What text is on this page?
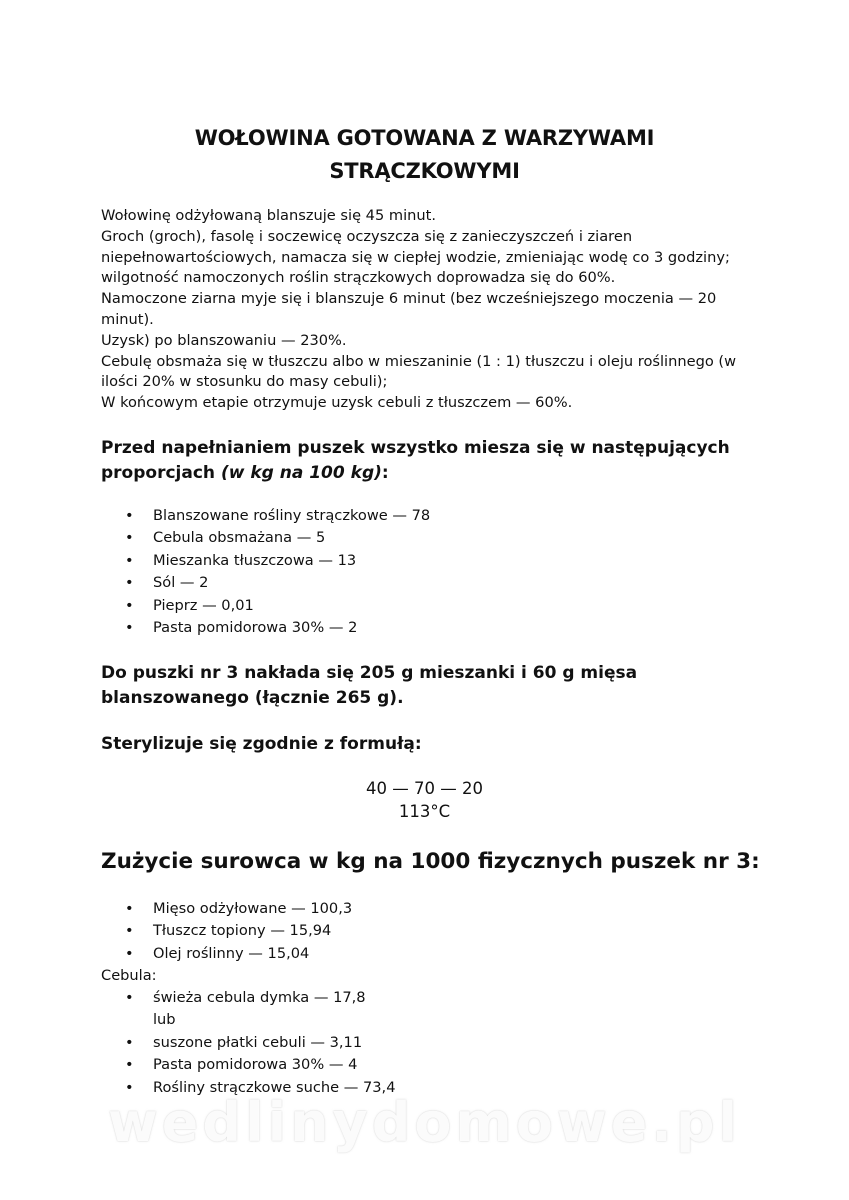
WOŁOWINA GOTOWANA Z WARZYWAMI
STRĄCZKOWYMI

Wołowinę odżyłowaną blanszuje się 45 minut.

Groch (groch), fasolę i soczewicę oczyszcza się z zanieczyszczeń i ziaren niepełnowartościowych, namacza się w ciepłej wodzie, zmieniając wodę co 3 godziny; wilgotność namoczonych roślin strączkowych doprowadza się do 60%.

Namoczone ziarna myje się i blanszuje 6 minut (bez wcześniejszego moczenia — 20 minut).

Uzysk) po blanszowaniu — 230%.

Cebulę obsmaża się w tłuszczu albo w mieszaninie (1 : 1) tłuszczu i oleju roślinnego (w ilości 20% w stosunku do masy cebuli);

W końcowym etapie otrzymuje uzysk cebuli z tłuszczem — 60%.

Przed napełnianiem puszek wszystko miesza się w następujących proporcjach (w kg na 100 kg):

• Blanszowane rośliny strączkowe — 78
• Cebula obsmażana — 5
• Mieszanka tłuszczowa — 13
• Sól — 2
• Pieprz — 0,01
• Pasta pomidorowa 30% — 2

Do puszki nr 3 nakłada się 205 g mieszanki i 60 g mięsa blanszowanego (łącznie 265 g).

Sterylizuje się zgodnie z formułą:
40 — 70 — 20
113°C
Zużycie surowca w kg na 1000 fizycznych puszek nr 3:
• Mięso odżyłowane — 100,3
• Tłuszcz topiony — 15,94
• Olej roślinny — 15,04
Cebula:
• świeża cebula dymka — 17,8
lub
• suszone płatki cebuli — 3,11
• Pasta pomidorowa 30% — 4
• Rośliny strączkowe suche — 73,4
wedlinydomowe.pl
